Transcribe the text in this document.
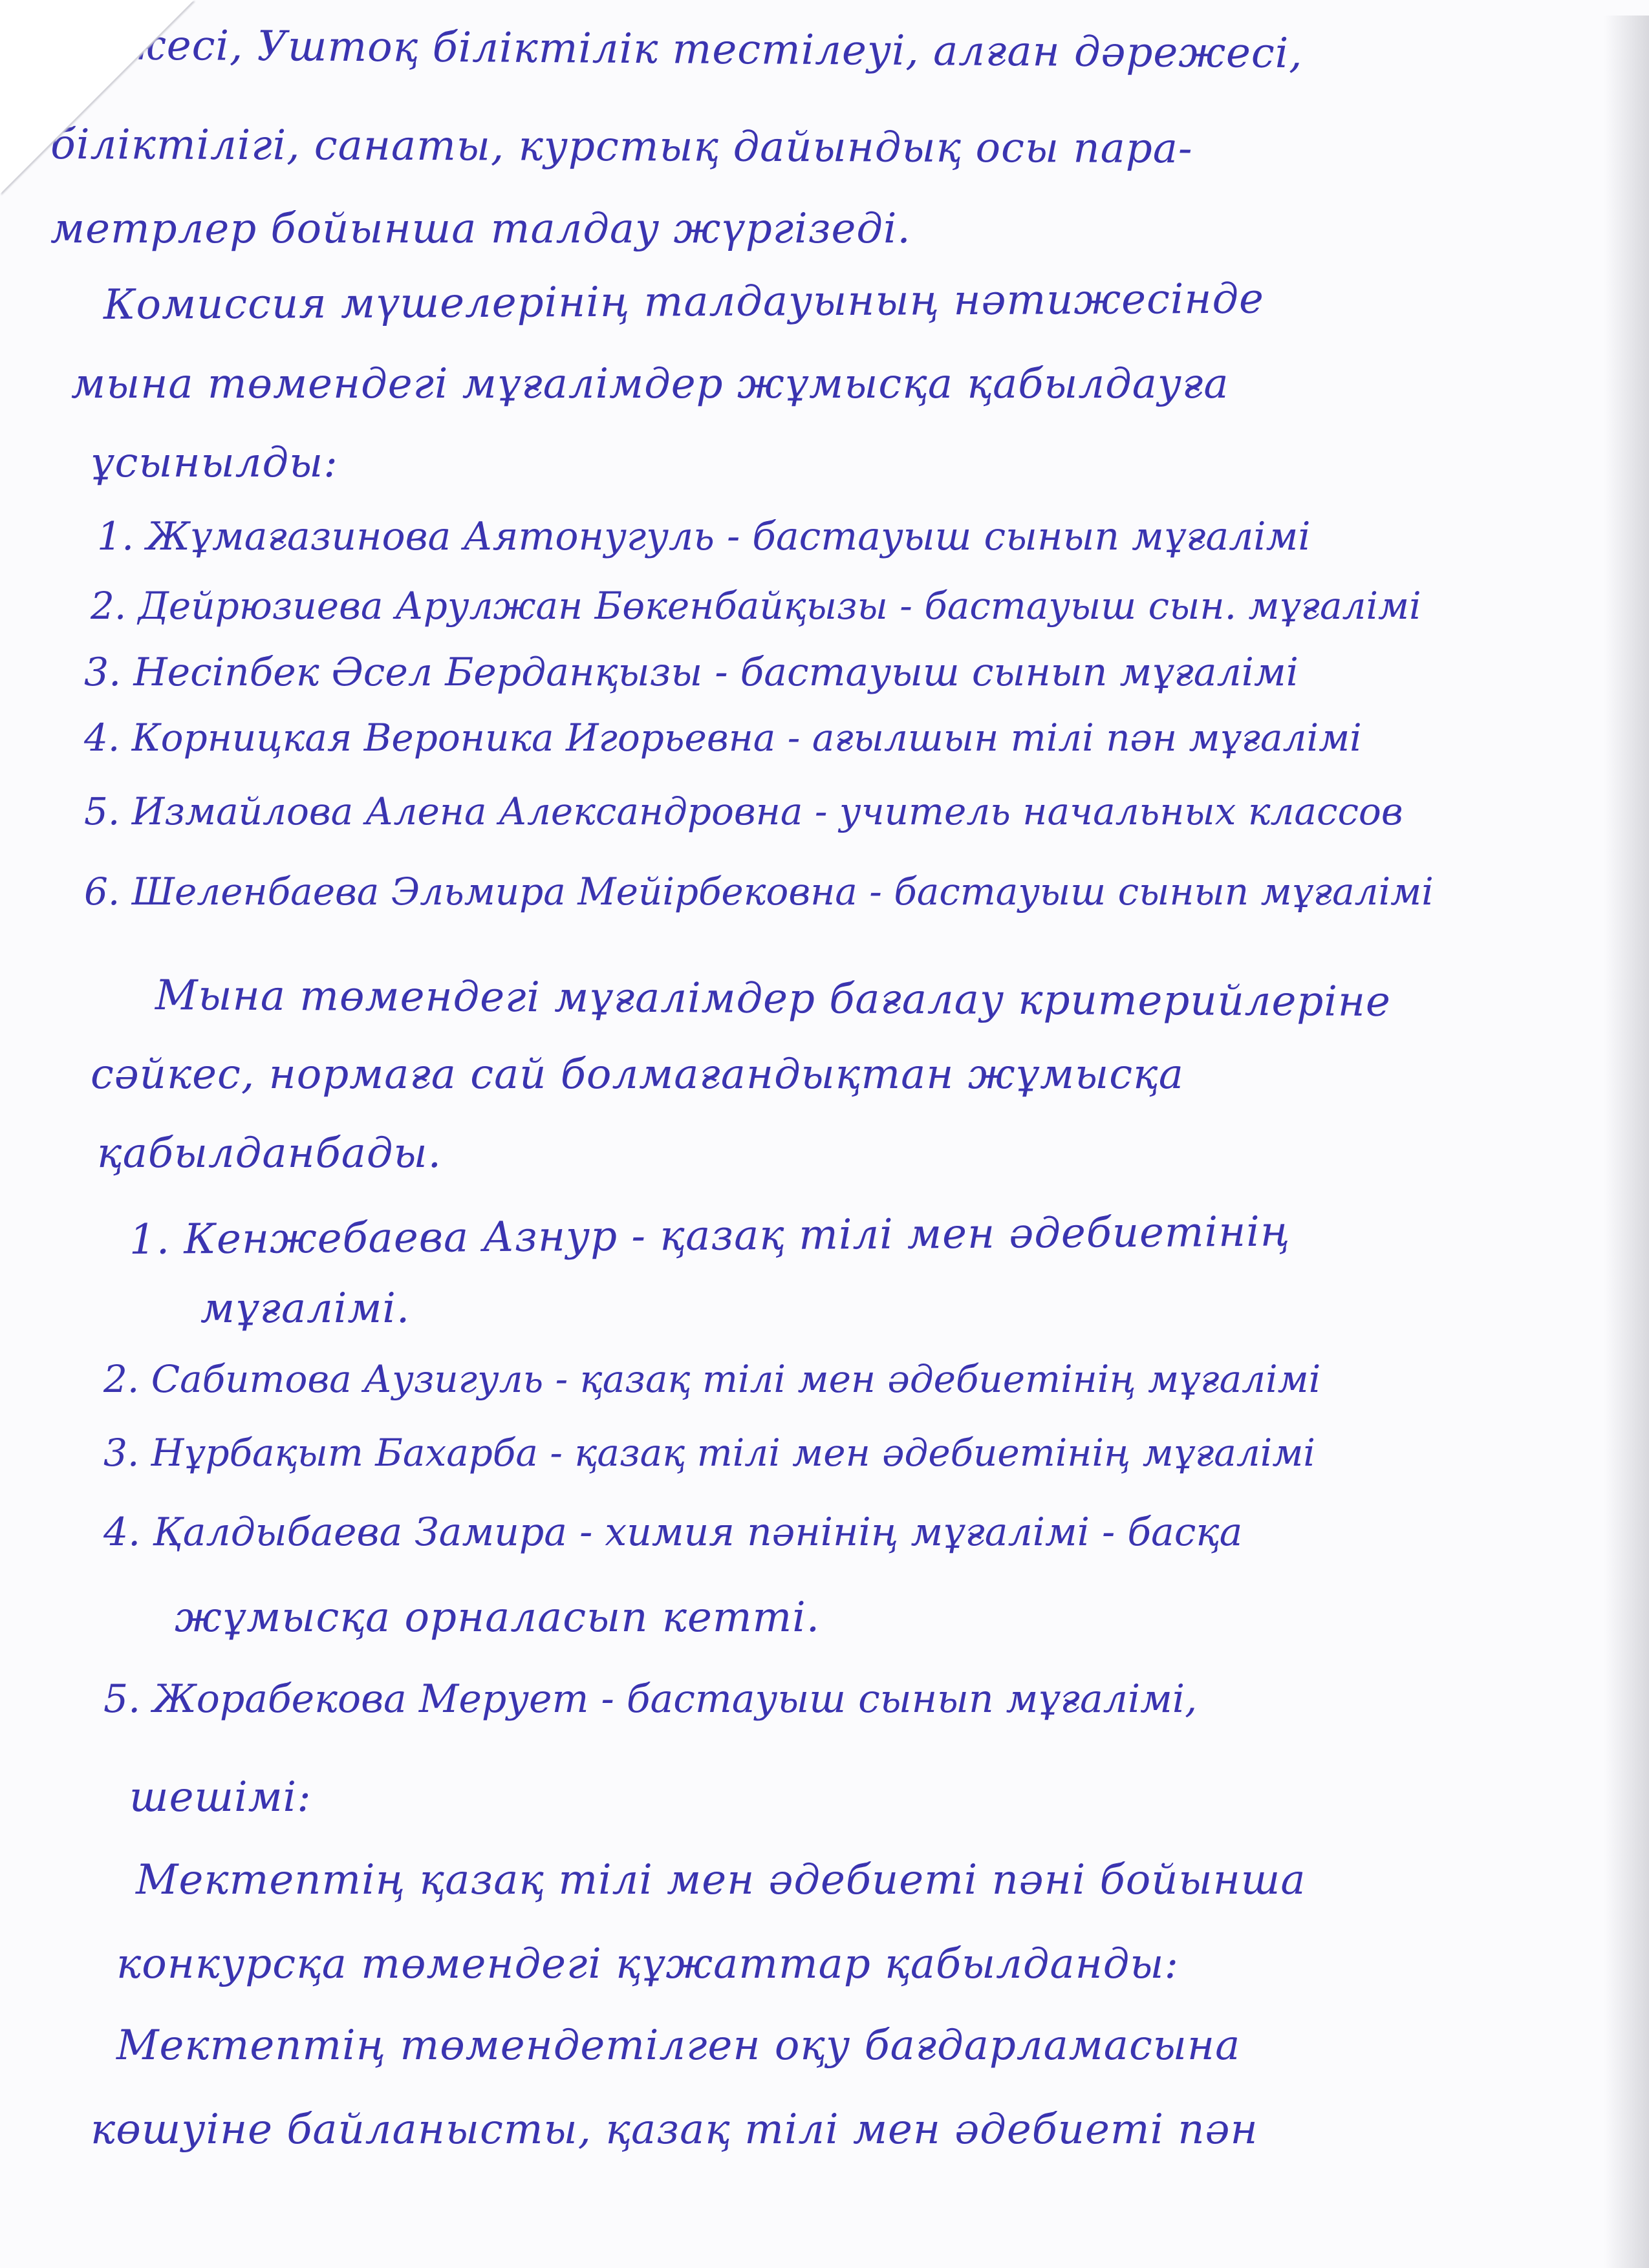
...жесі, Уштоқ біліктілік тестілеуі, алған дәрежесі,
біліктілігі, санаты, курстық дайындық осы пара-
метрлер бойынша талдау жүргізеді.
Комиссия мүшелерінің талдауының нәтижесінде
мына төмендегі мұғалімдер жұмысқа қабылдауға
ұсынылды:
1. Жұмағазинова Аятонугуль - бастауыш сынып мұғалімі
2. Дейрюзиева Арулжан Бөкенбайқызы - бастауыш сын. мұғалімі
3. Несіпбек Әсел Берданқызы - бастауыш сынып мұғалімі
4. Корницкая Вероника Игорьевна - ағылшын тілі пән мұғалімі
5. Измайлова Алена Александровна - учитель начальных классов
6. Шеленбаева Эльмира Мейірбековна - бастауыш сынып мұғалімі
Мына төмендегі мұғалімдер бағалау критерийлеріне
сәйкес, нормаға сай болмағандықтан жұмысқа
қабылданбады.
1. Кенжебаева Азнур - қазақ тілі мен әдебиетінің
мұғалімі.
2. Сабитова Аузигуль - қазақ тілі мен әдебиетінің мұғалімі
3. Нұрбақыт Бахарба - қазақ тілі мен әдебиетінің мұғалімі
4. Қалдыбаева Замира - химия пәнінің мұғалімі - басқа
жұмысқа орналасып кетті.
5. Жорабекова Мерует - бастауыш сынып мұғалімі,
шешімі:
Мектептің қазақ тілі мен әдебиеті пәні бойынша
конкурсқа төмендегі құжаттар қабылданды:
Мектептің төмендетілген оқу бағдарламасына
көшуіне байланысты, қазақ тілі мен әдебиеті пән
